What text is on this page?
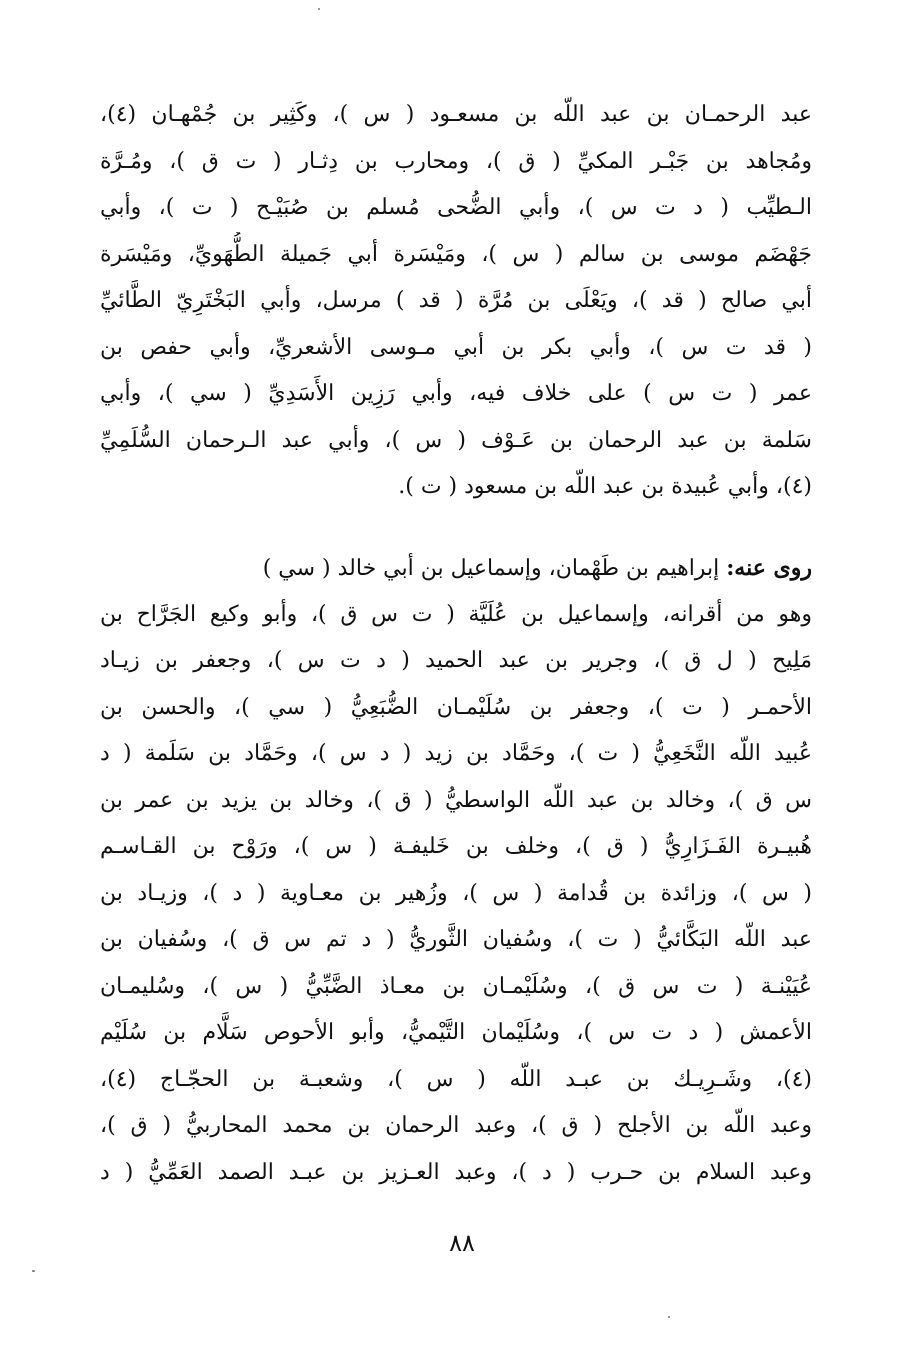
عبد الرحمـان بن عبد اللّه بن مسعـود ( س )، وكَثِير بن جُمْهـان (٤)،
ومُجاهد بن جَبْـر المكيِّ ( ق )، ومحارب بن دِثـار ( ت ق )، ومُـرَّة
الـطيِّب ( د ت س )، وأبي الضُّحى مُسلم بن صُبَيْـح ( ت )، وأبي
جَهْضَم موسى بن سالم ( س )، ومَيْسَرة أبي جَميلة الطُّهَويِّ، ومَيْسَرة
أبي صالح ( قد )، ويَعْلَى بن مُرَّة ( قد ) مرسل، وأبي البَخْتَرِيّ الطَّائيِّ
( قد ت س )، وأبي بكر بن أبي مـوسى الأشعريِّ، وأبي حفص بن
عمر ( ت س ) على خلاف فيه، وأبي رَزِين الأَسَدِيِّ ( سي )، وأبي
سَلمة بن عبد الرحمان بن عَـوْف ( س )، وأبي عبد الـرحمان السُّلَمِيِّ
(٤)، وأبي عُبيدة بن عبد اللّه بن مسعود ( ت ).
روى عنه: إبراهيم بن طَهْمان، وإسماعيل بن أبي خالد ( سي )
وهو من أقرانه، وإسماعيل بن عُلَيَّة ( ت س ق )، وأبو وكيع الجَرَّاح بن
مَلِيح ( ل ق )، وجرير بن عبد الحميد ( د ت س )، وجعفر بن زيـاد
الأحمـر ( ت )، وجعفر بن سُلَيْمـان الضُّبَعِيُّ ( سي )، والحسن بن
عُبيد اللّه النَّخَعِيُّ ( ت )، وحَمَّاد بن زيد ( د س )، وحَمَّاد بن سَلَمة ( د
س ق )، وخالد بن عبد اللّه الواسطيُّ ( ق )، وخالد بن يزيد بن عمر بن
هُبيـرة الفَـزَارِيُّ ( ق )، وخلف بن خَليفـة ( س )، ورَوْح بن القـاسـم
( س )، وزائدة بن قُدامة ( س )، وزُهير بن معـاوية ( د )، وزيـاد بن
عبد اللّه البَكَّائيُّ ( ت )، وسُفيان الثَّوريُّ ( د تم س ق )، وسُفيان بن
عُيَيْنـة ( ت س ق )، وسُلَيْمـان بن معـاذ الضَّبِّيُّ ( س )، وسُليمـان
الأعمش ( د ت س )، وسُلَيْمان التَّيْميُّ، وأبو الأحوص سَلَّام بن سُلَيْم
(٤)، وشَـرِيـك بن عبـد اللّه ( س )، وشعبـة بن الحجّـاج (٤)،
وعبد اللّه بن الأجلح ( ق )، وعبد الرحمان بن محمد المحاربيُّ ( ق )،
وعبد السلام بن حـرب ( د )، وعبد العـزيز بن عبـد الصمد العَمِّيُّ ( د
٨٨
